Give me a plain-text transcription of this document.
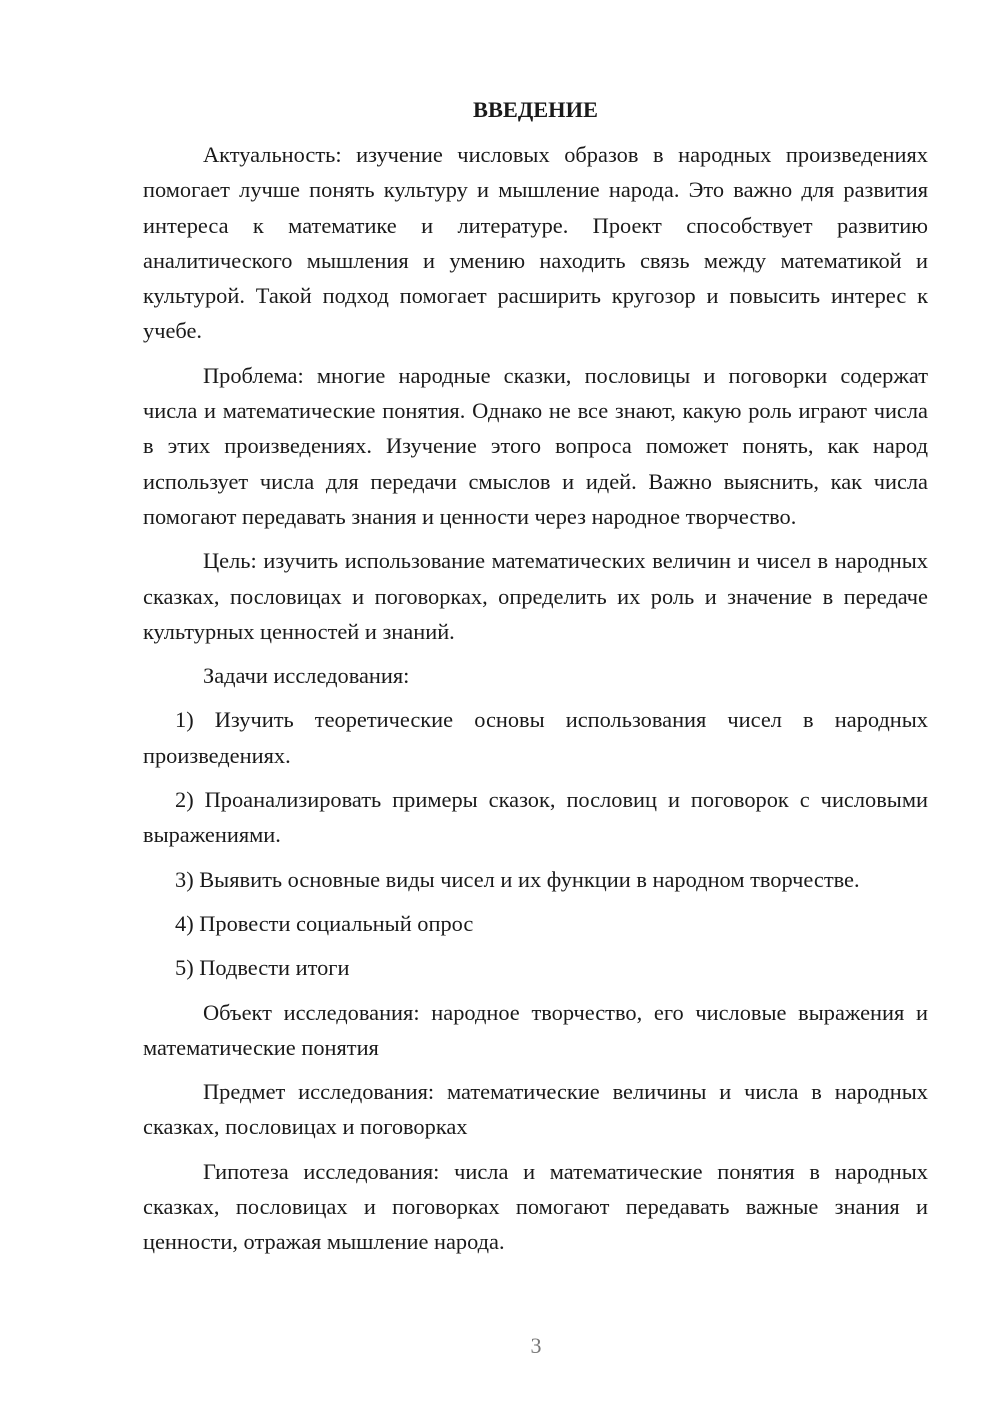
ВВЕДЕНИЕ

Актуальность: изучение числовых образов в народных произведениях помогает лучше понять культуру и мышление народа. Это важно для развития интереса к математике и литературе. Проект способствует развитию аналитического мышления и умению находить связь между математикой и культурой. Такой подход помогает расширить кругозор и повысить интерес к учебе.

Проблема: многие народные сказки, пословицы и поговорки содержат числа и математические понятия. Однако не все знают, какую роль играют числа в этих произведениях. Изучение этого вопроса поможет понять, как народ использует числа для передачи смыслов и идей. Важно выяснить, как числа помогают передавать знания и ценности через народное творчество.

Цель: изучить использование математических величин и чисел в народных сказках, пословицах и поговорках, определить их роль и значение в передаче культурных ценностей и знаний.

Задачи исследования:

1) Изучить теоретические основы использования чисел в народных произведениях.

2) Проанализировать примеры сказок, пословиц и поговорок с числовыми выражениями.

3) Выявить основные виды чисел и их функции в народном творчестве.

4) Провести социальный опрос

5) Подвести итоги

Объект исследования: народное творчество, его числовые выражения и математические понятия

Предмет исследования: математические величины и числа в народных сказках, пословицах и поговорках

Гипотеза исследования: числа и математические понятия в народных сказках, пословицах и поговорках помогают передавать важные знания и ценности, отражая мышление народа.

3
